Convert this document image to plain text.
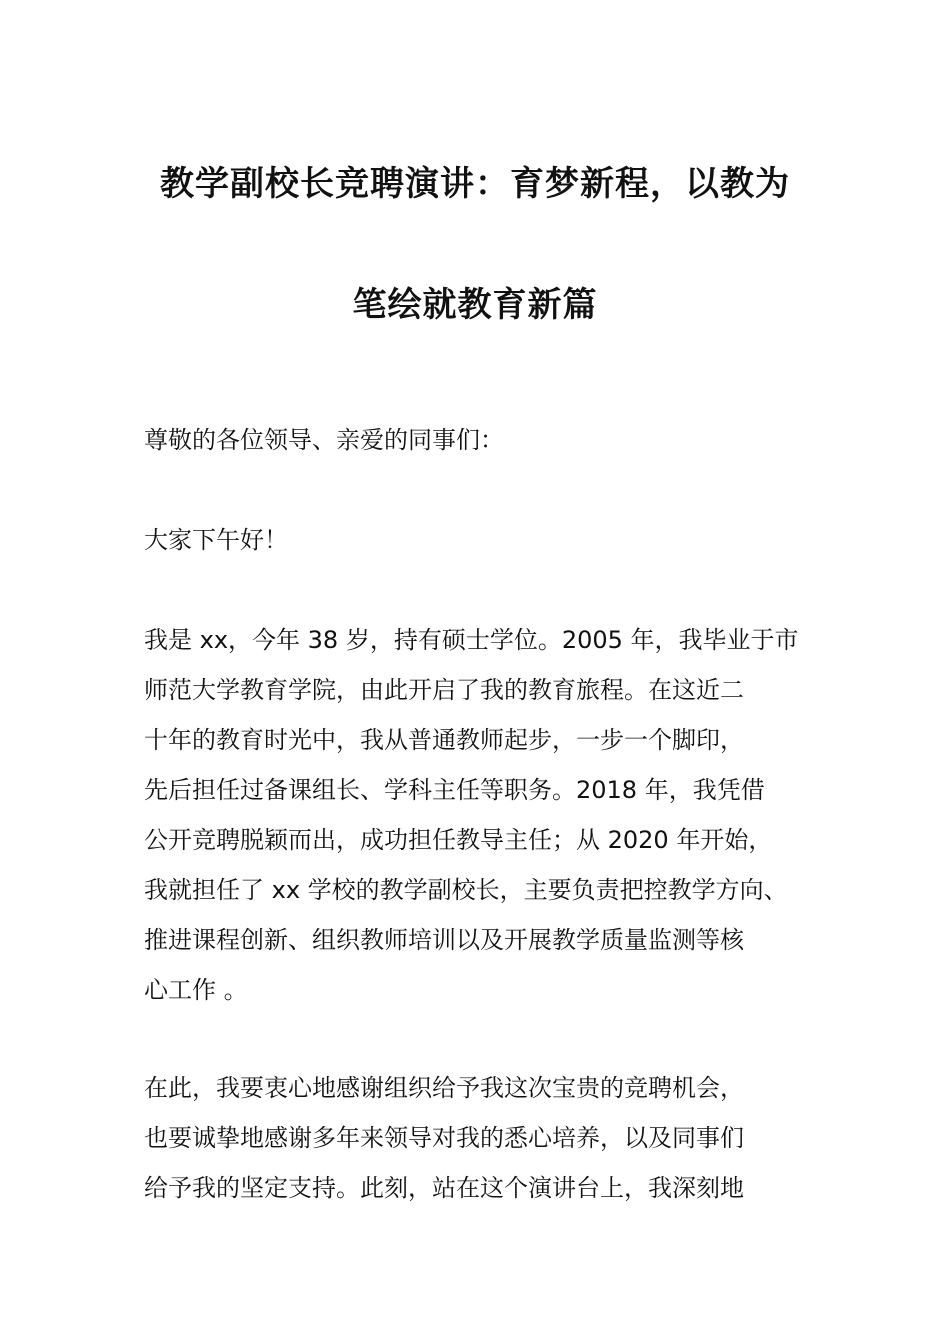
教学副校长竞聘演讲：育梦新程，以教为
笔绘就教育新篇
尊敬的各位领导、亲爱的同事们：
大家下午好！
我是 xx，今年 38 岁，持有硕士学位。2005 年，我毕业于市
师范大学教育学院，由此开启了我的教育旅程。在这近二
十年的教育时光中，我从普通教师起步，一步一个脚印，
先后担任过备课组长、学科主任等职务。2018 年，我凭借
公开竞聘脱颖而出，成功担任教导主任；从 2020 年开始，
我就担任了 xx 学校的教学副校长，主要负责把控教学方向、
推进课程创新、组织教师培训以及开展教学质量监测等核
心工作 。
在此，我要衷心地感谢组织给予我这次宝贵的竞聘机会，
也要诚挚地感谢多年来领导对我的悉心培养，以及同事们
给予我的坚定支持。此刻，站在这个演讲台上，我深刻地
